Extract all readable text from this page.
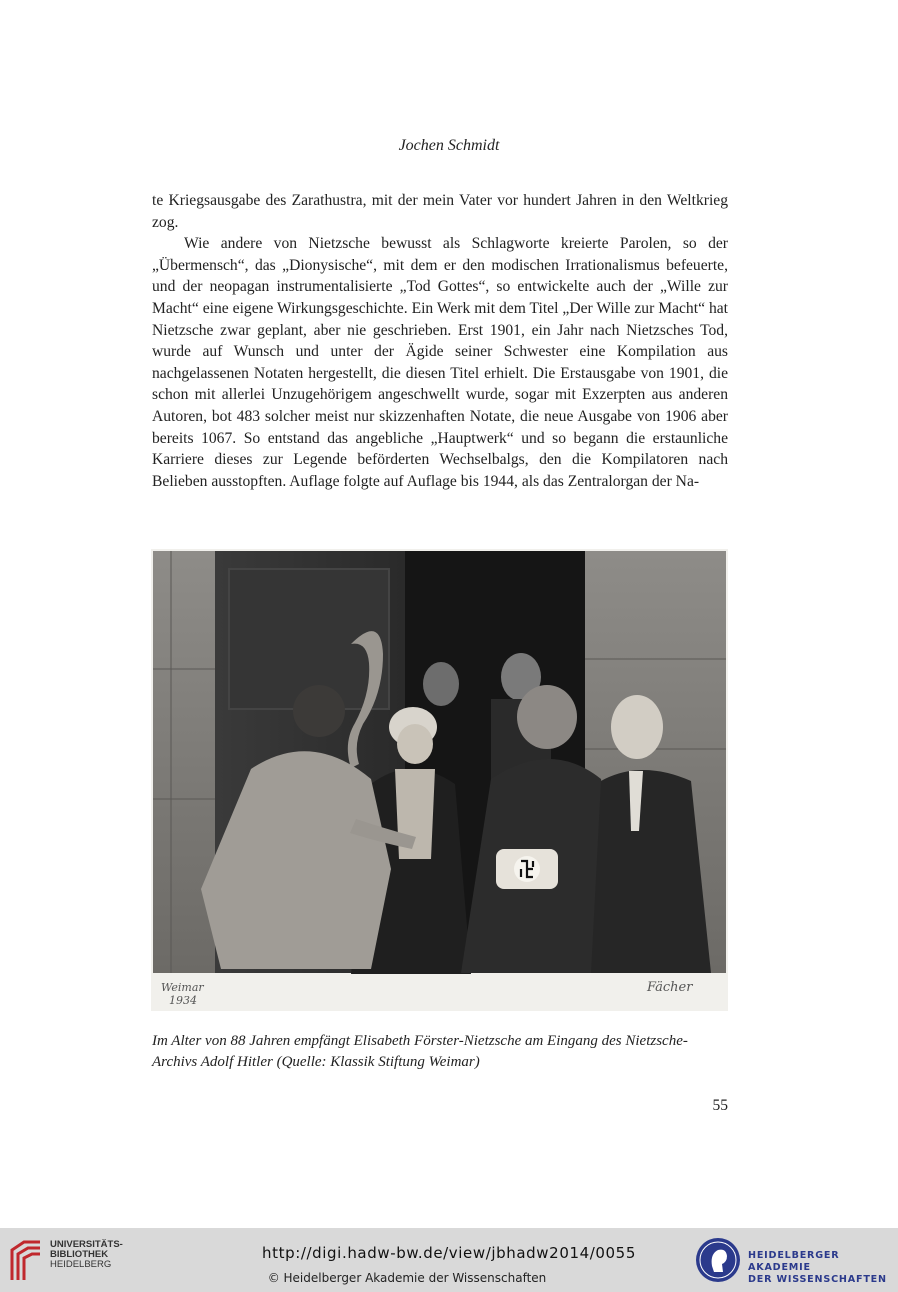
Jochen Schmidt

te Kriegsausgabe des Zarathustra, mit der mein Vater vor hundert Jahren in den Weltkrieg zog.

Wie andere von Nietzsche bewusst als Schlagworte kreierte Parolen, so der „Übermensch“, das „Dionysische“, mit dem er den modischen Irrationalismus befeuerte, und der neopagan instrumentalisierte „Tod Gottes“, so entwickelte auch der „Wille zur Macht“ eine eigene Wirkungsgeschichte. Ein Werk mit dem Titel „Der Wille zur Macht“ hat Nietzsche zwar geplant, aber nie geschrieben. Erst 1901, ein Jahr nach Nietzsches Tod, wurde auf Wunsch und unter der Ägide seiner Schwester eine Kompilation aus nachgelassenen Notaten hergestellt, die diesen Titel erhielt. Die Erstausgabe von 1901, die schon mit allerlei Unzugehörigem angeschwellt wurde, sogar mit Exzerpten aus anderen Autoren, bot 483 solcher meist nur skizzenhaften Notate, die neue Ausgabe von 1906 aber bereits 1067. So entstand das angebliche „Hauptwerk“ und so begann die erstaunliche Karriere dieses zur Legende beförderten Wechselbalgs, den die Kompilatoren nach Belieben ausstopften. Auflage folgte auf Auflage bis 1944, als das Zentralorgan der Na-

Weimar
1934
Fächer
Im Alter von 88 Jahren empfängt Elisabeth Förster-Nietzsche am Eingang des Nietzsche-Archivs Adolf Hitler (Quelle: Klassik Stiftung Weimar)
55
UNIVERSITÄTS-
BIBLIOTHEK
HEIDELBERG
http://digi.hadw-bw.de/view/jbhadw2014/0055
© Heidelberger Akademie der Wissenschaften
HEIDELBERGER AKADEMIE
DER WISSENSCHAFTEN
